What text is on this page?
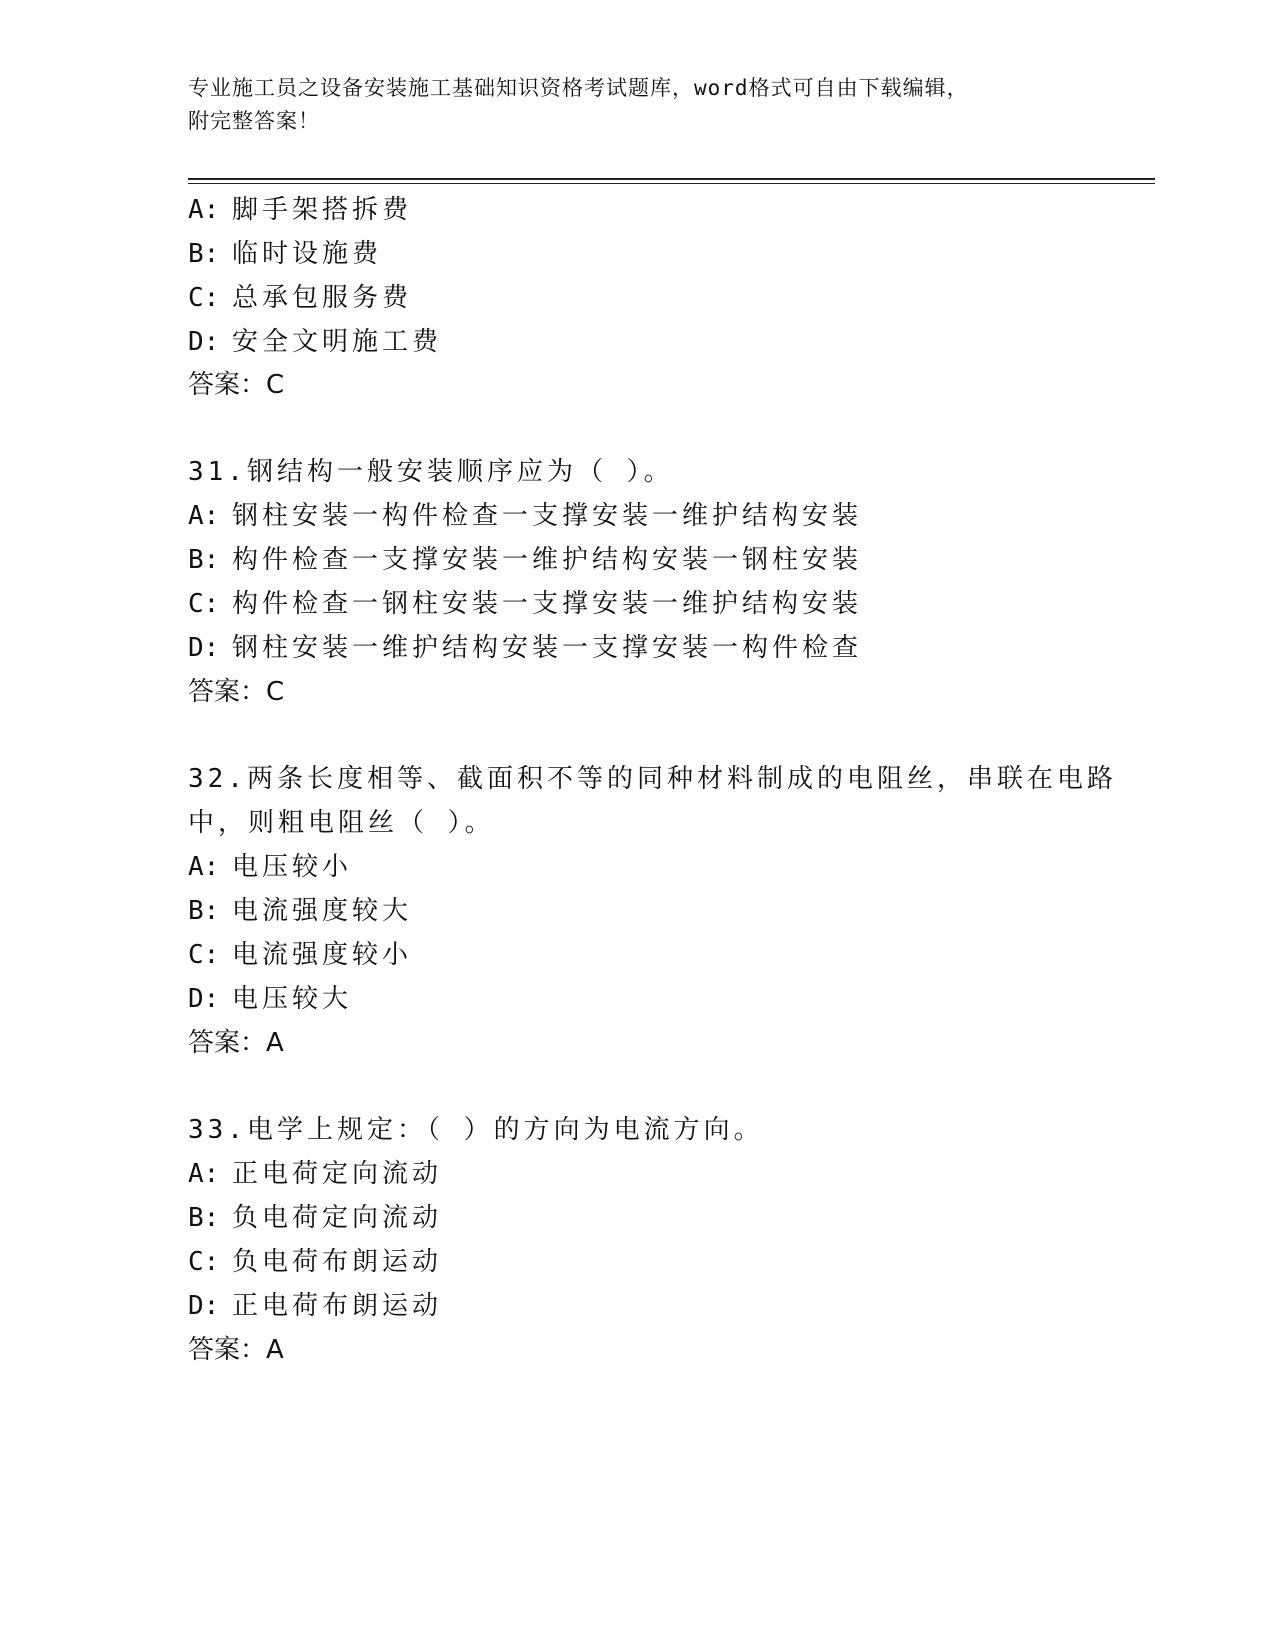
专业施工员之设备安装施工基础知识资格考试题库，word格式可自由下载编辑，
附完整答案！
A: 脚手架搭拆费
B: 临时设施费
C: 总承包服务费
D: 安全文明施工费
答案：C
31.钢结构一般安装顺序应为（ ）。
A: 钢柱安装一构件检查一支撑安装一维护结构安装
B: 构件检查一支撑安装一维护结构安装一钢柱安装
C: 构件检查一钢柱安装一支撑安装一维护结构安装
D: 钢柱安装一维护结构安装一支撑安装一构件检查
答案：C
32.两条长度相等、截面积不等的同种材料制成的电阻丝，串联在电路
中，则粗电阻丝（ ）。
A: 电压较小
B: 电流强度较大
C: 电流强度较小
D: 电压较大
答案：A
33.电学上规定：（ ）的方向为电流方向。
A: 正电荷定向流动
B: 负电荷定向流动
C: 负电荷布朗运动
D: 正电荷布朗运动
答案：A
